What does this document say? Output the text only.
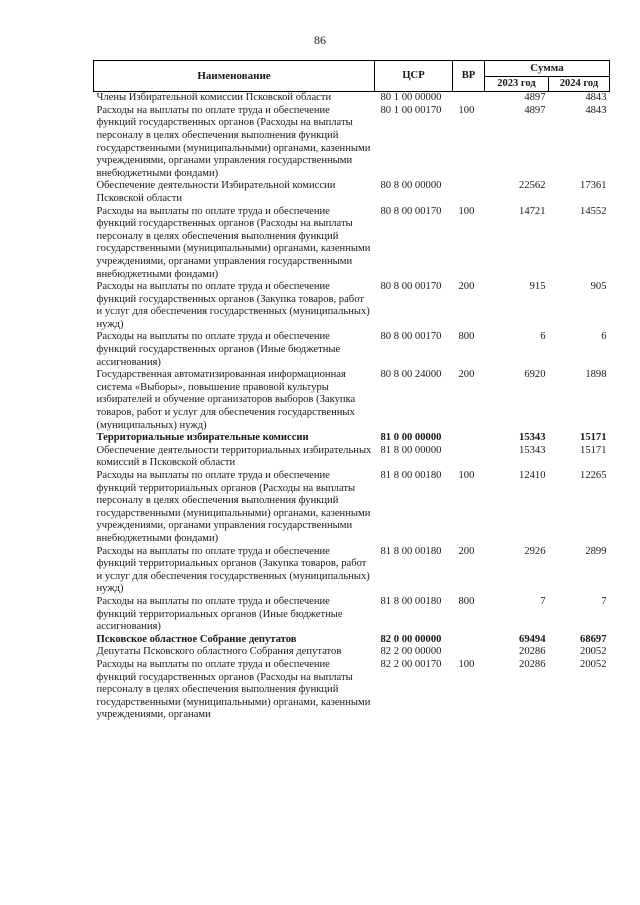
86
Наименование	ЦСР	ВР	Сумма	
			2023 год	2024 год
Члены Избирательной комиссии Псковской области	80 1 00 00000		4897	4843
Расходы на выплаты по оплате труда и обеспечение функций государственных органов (Расходы на выплаты персоналу в целях обеспечения выполнения функций государственными (муниципальными) органами, казенными учреждениями, органами управления государственными внебюджетными фондами)	80 1 00 00170	100	4897	4843
Обеспечение деятельности Избирательной комиссии Псковской области	80 8 00 00000		22562	17361
Расходы на выплаты по оплате труда и обеспечение функций государственных органов (Расходы на выплаты персоналу в целях обеспечения выполнения функций государственными (муниципальными) органами, казенными учреждениями, органами управления государственными внебюджетными фондами)	80 8 00 00170	100	14721	14552
Расходы на выплаты по оплате труда и обеспечение функций государственных органов (Закупка товаров, работ и услуг для обеспечения государственных (муниципальных) нужд)	80 8 00 00170	200	915	905
Расходы на выплаты по оплате труда и обеспечение функций государственных органов (Иные бюджетные ассигнования)	80 8 00 00170	800	6	6
Государственная автоматизированная информационная система «Выборы», повышение правовой культуры избирателей и обучение организаторов выборов (Закупка товаров, работ и услуг для обеспечения государственных (муниципальных) нужд)	80 8 00 24000	200	6920	1898
Территориальные избирательные комиссии	81 0 00 00000		15343	15171
Обеспечение деятельности территориальных избирательных комиссий в Псковской области	81 8 00 00000		15343	15171
Расходы на выплаты по оплате труда и обеспечение функций территориальных органов (Расходы на выплаты персоналу в целях обеспечения выполнения функций государственными (муниципальными) органами, казенными учреждениями, органами управления государственными внебюджетными фондами)	81 8 00 00180	100	12410	12265
Расходы на выплаты по оплате труда и обеспечение функций территориальных органов (Закупка товаров, работ и услуг для обеспечения государственных (муниципальных) нужд)	81 8 00 00180	200	2926	2899
Расходы на выплаты по оплате труда и обеспечение функций территориальных органов (Иные бюджетные ассигнования)	81 8 00 00180	800	7	7
Псковское областное Собрание депутатов	82 0 00 00000		69494	68697
Депутаты Псковского областного Собрания депутатов	82 2 00 00000		20286	20052
Расходы на выплаты по оплате труда и обеспечение функций государственных органов (Расходы на выплаты персоналу в целях обеспечения выполнения функций государственными (муниципальными) органами, казенными учреждениями, органами	82 2 00 00170	100	20286	20052
